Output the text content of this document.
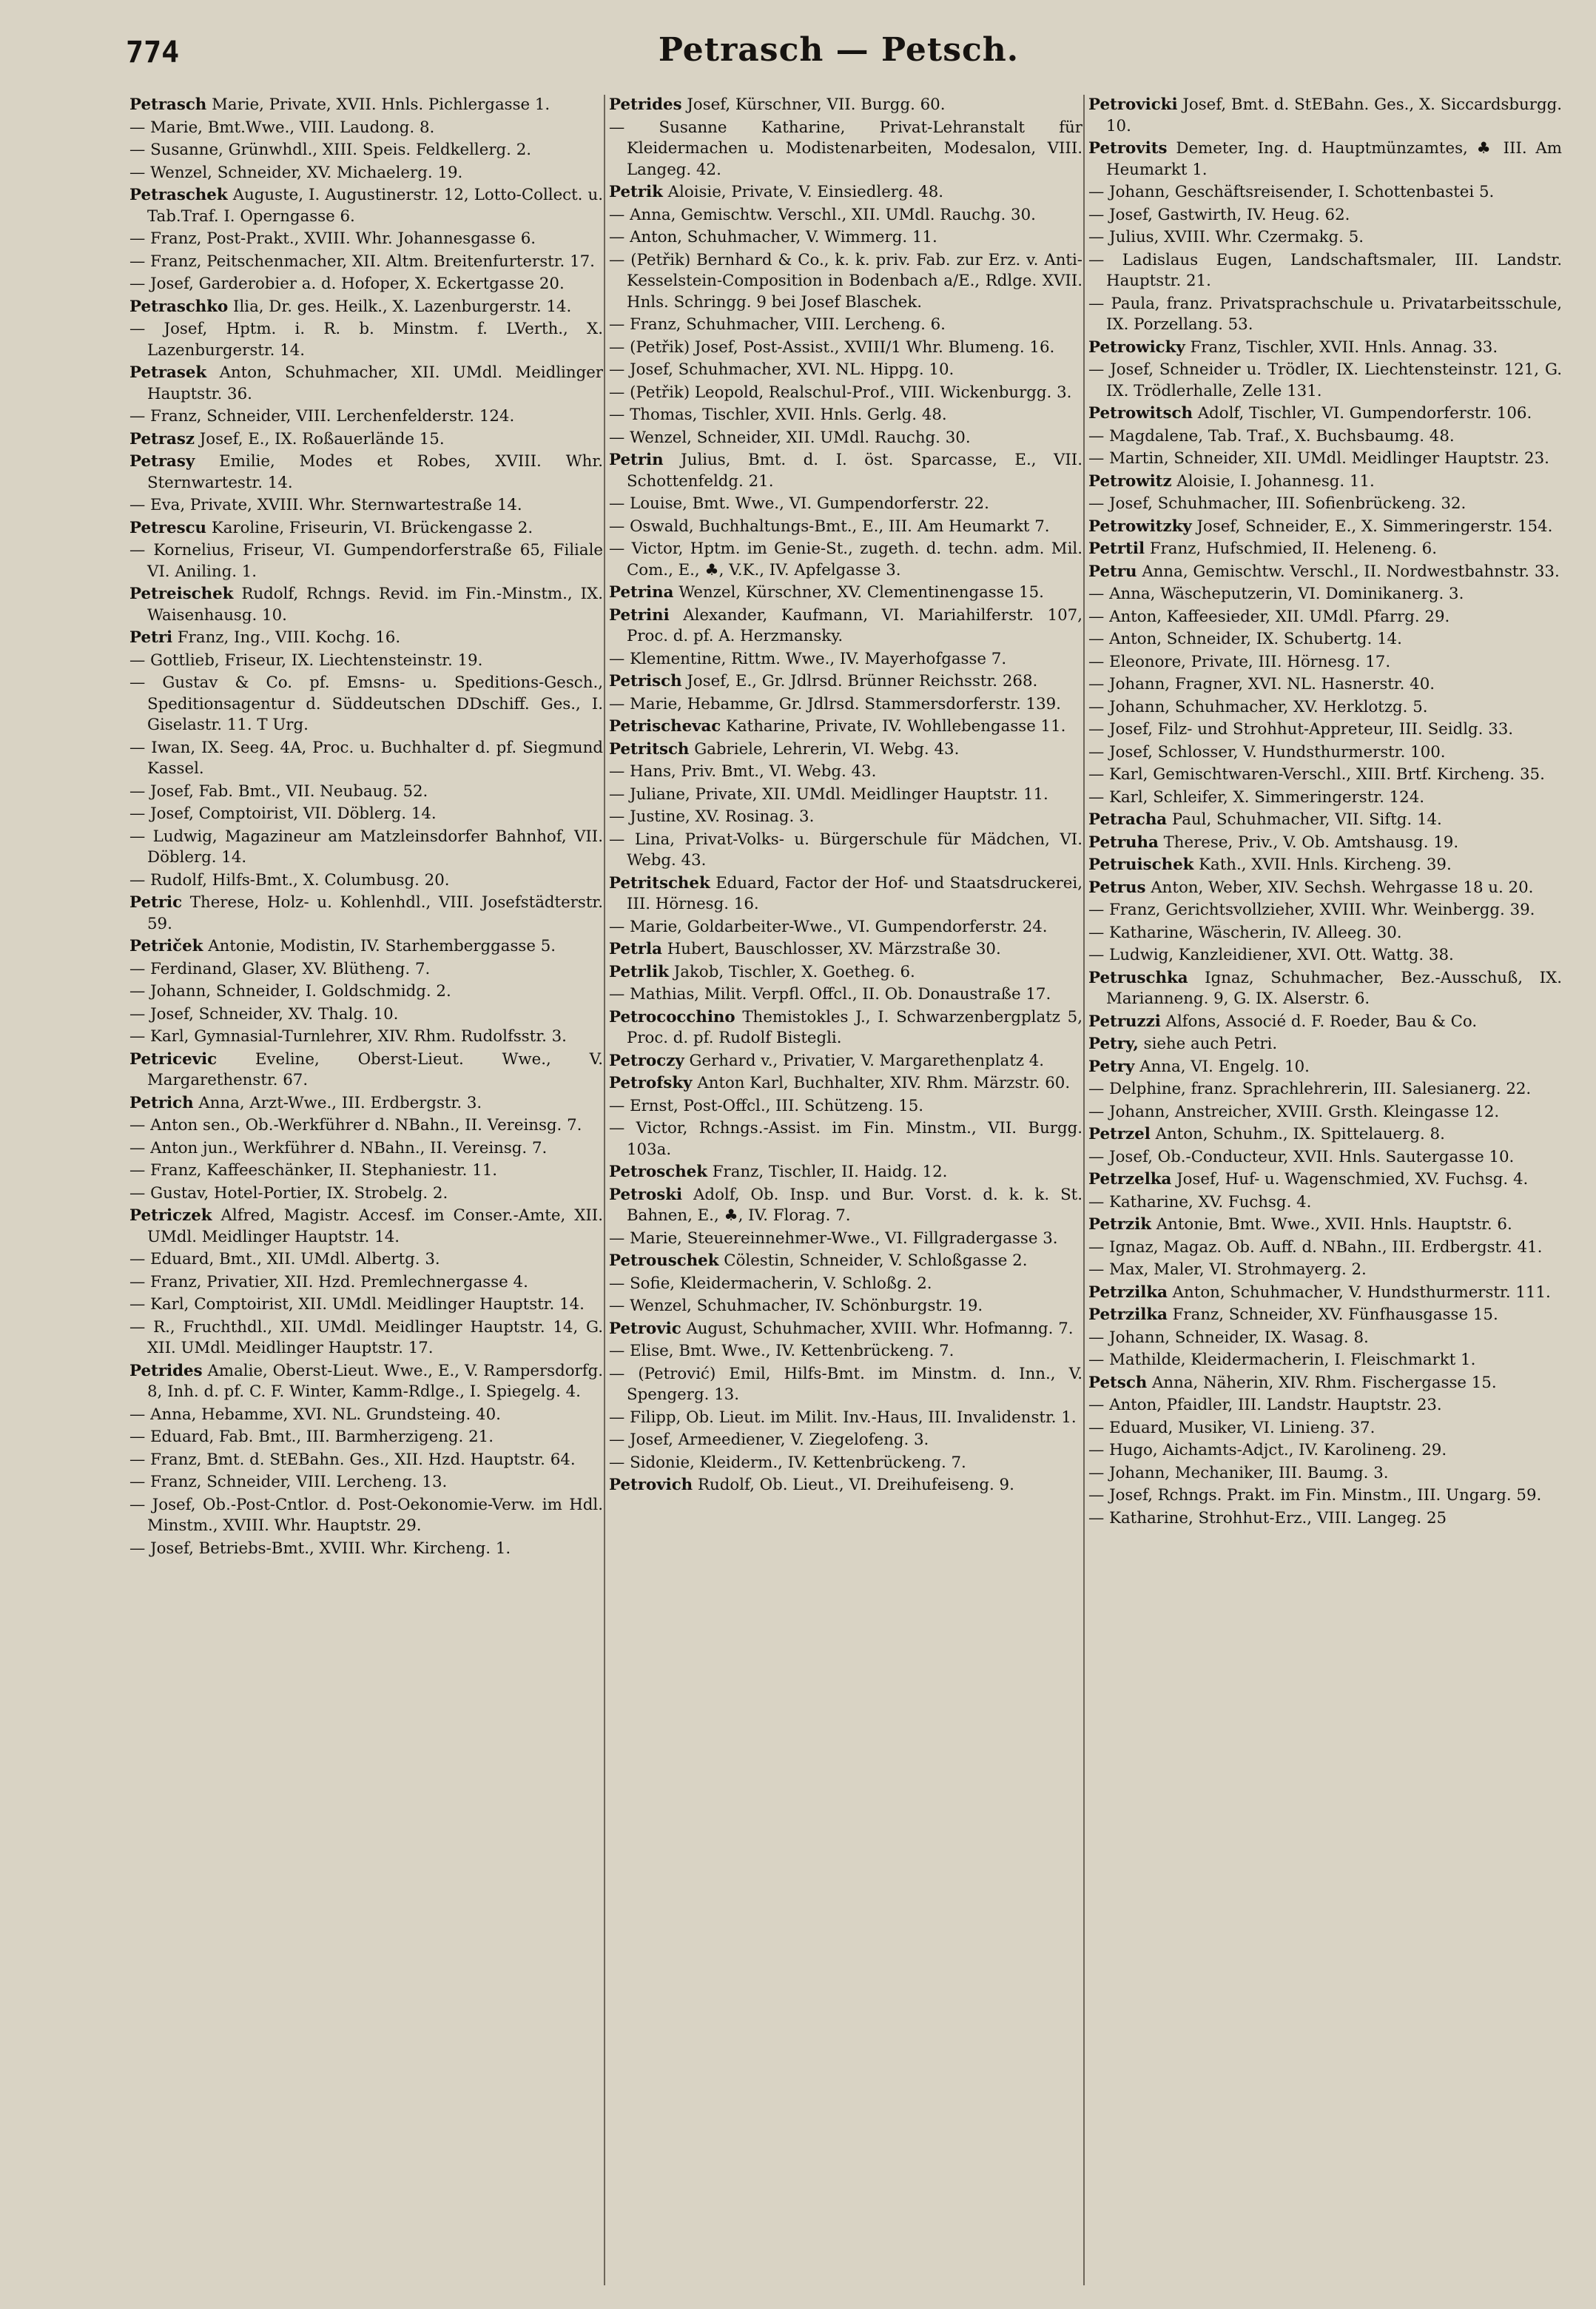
774	Petrasch — Petsch.

Petrasch Marie, Private, XVII. Hnls. Pichlergasse 1.

— Marie, Bmt.Wwe., VIII. Laudong. 8.

— Susanne, Grünwhdl., XIII. Speis. Feldkellerg. 2.

— Wenzel, Schneider, XV. Michaelerg. 19.

Petraschek Auguste, I. Augustinerstr. 12, Lotto-Collect. u. Tab.Traf. I. Operngasse 6.

— Franz, Post-Prakt., XVIII. Whr. Johannesgasse 6.

— Franz, Peitschenmacher, XII. Altm. Breitenfurterstr. 17.

— Josef, Garderobier a. d. Hofoper, X. Eckertgasse 20.

Petraschko Ilia, Dr. ges. Heilk., X. Lazenburgerstr. 14.

— Josef, Hptm. i. R. b. Minstm. f. LVerth., X. Lazenburgerstr. 14.

Petrasek Anton, Schuhmacher, XII. UMdl. Meidlinger Hauptstr. 36.

— Franz, Schneider, VIII. Lerchenfelderstr. 124.

Petrasz Josef, E., IX. Roßauerlände 15.

Petrasy Emilie, Modes et Robes, XVIII. Whr. Sternwartestr. 14.

— Eva, Private, XVIII. Whr. Sternwartestraße 14.

Petrescu Karoline, Friseurin, VI. Brückengasse 2.

— Kornelius, Friseur, VI. Gumpendorferstraße 65, Filiale VI. Aniling. 1.

Petreischek Rudolf, Rchngs. Revid. im Fin.-Minstm., IX. Waisenhausg. 10.

Petri Franz, Ing., VIII. Kochg. 16.

— Gottlieb, Friseur, IX. Liechtensteinstr. 19.

— Gustav & Co. pf. Emsns- u. Speditions-Gesch., Speditionsagentur d. Süddeutschen DDschiff. Ges., I. Giselastr. 11. T Urg.

— Iwan, IX. Seeg. 4A, Proc. u. Buchhalter d. pf. Siegmund Kassel.

— Josef, Fab. Bmt., VII. Neubaug. 52.

— Josef, Comptoirist, VII. Döblerg. 14.

— Ludwig, Magazineur am Matzleinsdorfer Bahnhof, VII. Döblerg. 14.

— Rudolf, Hilfs-Bmt., X. Columbusg. 20.

Petric Therese, Holz- u. Kohlenhdl., VIII. Josefstädterstr. 59.

Petriček Antonie, Modistin, IV. Starhemberggasse 5.

— Ferdinand, Glaser, XV. Blütheng. 7.

— Johann, Schneider, I. Goldschmidg. 2.

— Josef, Schneider, XV. Thalg. 10.

— Karl, Gymnasial-Turnlehrer, XIV. Rhm. Rudolfsstr. 3.

Petricevic Eveline, Oberst-Lieut. Wwe., V. Margarethenstr. 67.

Petrich Anna, Arzt-Wwe., III. Erdbergstr. 3.

— Anton sen., Ob.-Werkführer d. NBahn., II. Vereinsg. 7.

— Anton jun., Werkführer d. NBahn., II. Vereinsg. 7.

— Franz, Kaffeeschänker, II. Stephaniestr. 11.

— Gustav, Hotel-Portier, IX. Strobelg. 2.

Petriczek Alfred, Magistr. Accesf. im Conser.-Amte, XII. UMdl. Meidlinger Hauptstr. 14.

— Eduard, Bmt., XII. UMdl. Albertg. 3.

— Franz, Privatier, XII. Hzd. Premlechnergasse 4.

— Karl, Comptoirist, XII. UMdl. Meidlinger Hauptstr. 14.

— R., Fruchthdl., XII. UMdl. Meidlinger Hauptstr. 14, G. XII. UMdl. Meidlinger Hauptstr. 17.

Petrides Amalie, Oberst-Lieut. Wwe., E., V. Rampersdorfg. 8, Inh. d. pf. C. F. Winter, Kamm-Rdlge., I. Spiegelg. 4.

— Anna, Hebamme, XVI. NL. Grundsteing. 40.

— Eduard, Fab. Bmt., III. Barmherzigeng. 21.

— Franz, Bmt. d. StEBahn. Ges., XII. Hzd. Hauptstr. 64.

— Franz, Schneider, VIII. Lercheng. 13.

— Josef, Ob.-Post-Cntlor. d. Post-Oekonomie-Verw. im Hdl. Minstm., XVIII. Whr. Hauptstr. 29.

— Josef, Betriebs-Bmt., XVIII. Whr. Kircheng. 1.

Petrides Josef, Kürschner, VII. Burgg. 60.

— Susanne Katharine, Privat-Lehranstalt für Kleidermachen u. Modistenarbeiten, Modesalon, VIII. Langeg. 42.

Petrik Aloisie, Private, V. Einsiedlerg. 48.

— Anna, Gemischtw. Verschl., XII. UMdl. Rauchg. 30.

— Anton, Schuhmacher, V. Wimmerg. 11.

— (Petřik) Bernhard & Co., k. k. priv. Fab. zur Erz. v. Anti-Kesselstein-Composition in Bodenbach a/E., Rdlge. XVII. Hnls. Schringg. 9 bei Josef Blaschek.

— Franz, Schuhmacher, VIII. Lercheng. 6.

— (Petřik) Josef, Post-Assist., XVIII/1 Whr. Blumeng. 16.

— Josef, Schuhmacher, XVI. NL. Hippg. 10.

— (Petřik) Leopold, Realschul-Prof., VIII. Wickenburgg. 3.

— Thomas, Tischler, XVII. Hnls. Gerlg. 48.

— Wenzel, Schneider, XII. UMdl. Rauchg. 30.

Petrin Julius, Bmt. d. I. öst. Sparcasse, E., VII. Schottenfeldg. 21.

— Louise, Bmt. Wwe., VI. Gumpendorferstr. 22.

— Oswald, Buchhaltungs-Bmt., E., III. Am Heumarkt 7.

— Victor, Hptm. im Genie-St., zugeth. d. techn. adm. Mil. Com., E., ♣, V.K., IV. Apfelgasse 3.

Petrina Wenzel, Kürschner, XV. Clementinengasse 15.

Petrini Alexander, Kaufmann, VI. Mariahilferstr. 107, Proc. d. pf. A. Herzmansky.

— Klementine, Rittm. Wwe., IV. Mayerhofgasse 7.

Petrisch Josef, E., Gr. Jdlrsd. Brünner Reichsstr. 268.

— Marie, Hebamme, Gr. Jdlrsd. Stammersdorferstr. 139.

Petrischevac Katharine, Private, IV. Wohllebengasse 11.

Petritsch Gabriele, Lehrerin, VI. Webg. 43.

— Hans, Priv. Bmt., VI. Webg. 43.

— Juliane, Private, XII. UMdl. Meidlinger Hauptstr. 11.

— Justine, XV. Rosinag. 3.

— Lina, Privat-Volks- u. Bürgerschule für Mädchen, VI. Webg. 43.

Petritschek Eduard, Factor der Hof- und Staatsdruckerei, III. Hörnesg. 16.

— Marie, Goldarbeiter-Wwe., VI. Gumpendorferstr. 24.

Petrla Hubert, Bauschlosser, XV. Märzstraße 30.

Petrlik Jakob, Tischler, X. Goetheg. 6.

— Mathias, Milit. Verpfl. Offcl., II. Ob. Donaustraße 17.

Petrococchino Themistokles J., I. Schwarzenbergplatz 5, Proc. d. pf. Rudolf Bistegli.

Petroczy Gerhard v., Privatier, V. Margarethenplatz 4.

Petrofsky Anton Karl, Buchhalter, XIV. Rhm. Märzstr. 60.

— Ernst, Post-Offcl., III. Schützeng. 15.

— Victor, Rchngs.-Assist. im Fin. Minstm., VII. Burgg. 103a.

Petroschek Franz, Tischler, II. Haidg. 12.

Petroski Adolf, Ob. Insp. und Bur. Vorst. d. k. k. St. Bahnen, E., ♣, IV. Florag. 7.

— Marie, Steuereinnehmer-Wwe., VI. Fillgradergasse 3.

Petrouschek Cölestin, Schneider, V. Schloßgasse 2.

— Sofie, Kleidermacherin, V. Schloßg. 2.

— Wenzel, Schuhmacher, IV. Schönburgstr. 19.

Petrovic August, Schuhmacher, XVIII. Whr. Hofmanng. 7.

— Elise, Bmt. Wwe., IV. Kettenbrückeng. 7.

— (Petrović) Emil, Hilfs-Bmt. im Minstm. d. Inn., V. Spengerg. 13.

— Filipp, Ob. Lieut. im Milit. Inv.-Haus, III. Invalidenstr. 1.

— Josef, Armeediener, V. Ziegelofeng. 3.

— Sidonie, Kleiderm., IV. Kettenbrückeng. 7.

Petrovich Rudolf, Ob. Lieut., VI. Dreihufeiseng. 9.

Petrovicki Josef, Bmt. d. StEBahn. Ges., X. Siccardsburgg. 10.

Petrovits Demeter, Ing. d. Hauptmünzamtes, ♣ III. Am Heumarkt 1.

— Johann, Geschäftsreisender, I. Schottenbastei 5.

— Josef, Gastwirth, IV. Heug. 62.

— Julius, XVIII. Whr. Czermakg. 5.

— Ladislaus Eugen, Landschaftsmaler, III. Landstr. Hauptstr. 21.

— Paula, franz. Privatsprachschule u. Privatarbeitsschule, IX. Porzellang. 53.

Petrowicky Franz, Tischler, XVII. Hnls. Annag. 33.

— Josef, Schneider u. Trödler, IX. Liechtensteinstr. 121, G. IX. Trödlerhalle, Zelle 131.

Petrowitsch Adolf, Tischler, VI. Gumpendorferstr. 106.

— Magdalene, Tab. Traf., X. Buchsbaumg. 48.

— Martin, Schneider, XII. UMdl. Meidlinger Hauptstr. 23.

Petrowitz Aloisie, I. Johannesg. 11.

— Josef, Schuhmacher, III. Sofienbrückeng. 32.

Petrowitzky Josef, Schneider, E., X. Simmeringerstr. 154.

Petrtil Franz, Hufschmied, II. Heleneng. 6.

Petru Anna, Gemischtw. Verschl., II. Nordwestbahnstr. 33.

— Anna, Wäscheputzerin, VI. Dominikanerg. 3.

— Anton, Kaffeesieder, XII. UMdl. Pfarrg. 29.

— Anton, Schneider, IX. Schubertg. 14.

— Eleonore, Private, III. Hörnesg. 17.

— Johann, Fragner, XVI. NL. Hasnerstr. 40.

— Johann, Schuhmacher, XV. Herklotzg. 5.

— Josef, Filz- und Strohhut-Appreteur, III. Seidlg. 33.

— Josef, Schlosser, V. Hundsthurmerstr. 100.

— Karl, Gemischtwaren-Verschl., XIII. Brtf. Kircheng. 35.

— Karl, Schleifer, X. Simmeringerstr. 124.

Petracha Paul, Schuhmacher, VII. Siftg. 14.

Petruha Therese, Priv., V. Ob. Amtshausg. 19.

Petruischek Kath., XVII. Hnls. Kircheng. 39.

Petrus Anton, Weber, XIV. Sechsh. Wehrgasse 18 u. 20.

— Franz, Gerichtsvollzieher, XVIII. Whr. Weinbergg. 39.

— Katharine, Wäscherin, IV. Alleeg. 30.

— Ludwig, Kanzleidiener, XVI. Ott. Wattg. 38.

Petruschka Ignaz, Schuhmacher, Bez.-Ausschuß, IX. Marianneng. 9, G. IX. Alserstr. 6.

Petruzzi Alfons, Associé d. F. Roeder, Bau & Co.

Petry, siehe auch Petri.

Petry Anna, VI. Engelg. 10.

— Delphine, franz. Sprachlehrerin, III. Salesianerg. 22.

— Johann, Anstreicher, XVIII. Grsth. Kleingasse 12.

Petrzel Anton, Schuhm., IX. Spittelauerg. 8.

— Josef, Ob.-Conducteur, XVII. Hnls. Sautergasse 10.

Petrzelka Josef, Huf- u. Wagenschmied, XV. Fuchsg. 4.

— Katharine, XV. Fuchsg. 4.

Petrzik Antonie, Bmt. Wwe., XVII. Hnls. Hauptstr. 6.

— Ignaz, Magaz. Ob. Auff. d. NBahn., III. Erdbergstr. 41.

— Max, Maler, VI. Strohmayerg. 2.

Petrzilka Anton, Schuhmacher, V. Hundsthurmerstr. 111.

Petrzilka Franz, Schneider, XV. Fünfhausgasse 15.

— Johann, Schneider, IX. Wasag. 8.

— Mathilde, Kleidermacherin, I. Fleischmarkt 1.

Petsch Anna, Näherin, XIV. Rhm. Fischergasse 15.

— Anton, Pfaidler, III. Landstr. Hauptstr. 23.

— Eduard, Musiker, VI. Linieng. 37.

— Hugo, Aichamts-Adjct., IV. Karolineng. 29.

— Johann, Mechaniker, III. Baumg. 3.

— Josef, Rchngs. Prakt. im Fin. Minstm., III. Ungarg. 59.

— Katharine, Strohhut-Erz., VIII. Langeg. 25
